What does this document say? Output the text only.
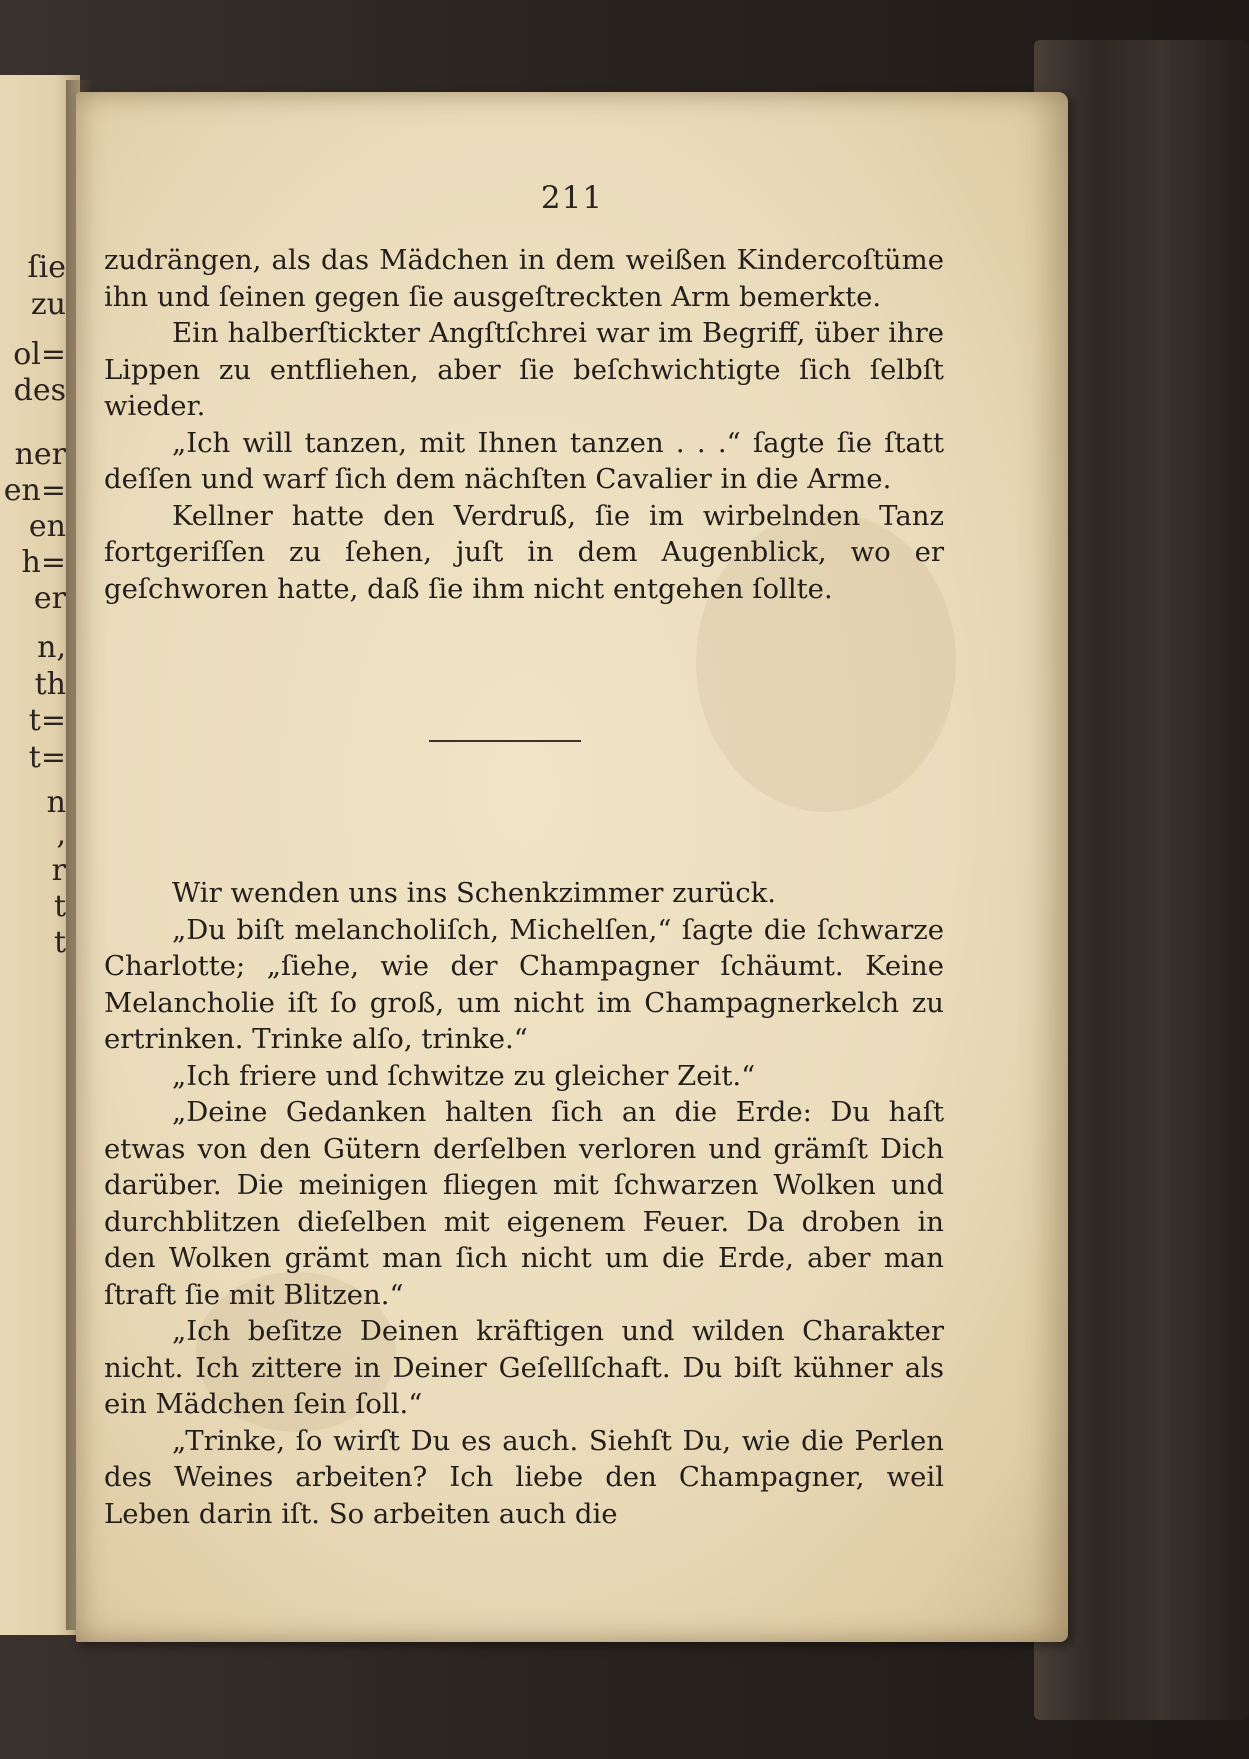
ſie
zu
ol=
des
ner
en=
en
h=
er
n,
th
t=
t=
n
,
r
t
t
211

zudrängen, als das Mädchen in dem weißen Kindercoſtüme ihn und ſeinen gegen ſie ausgeſtreckten Arm bemerkte.

Ein halberſtickter Angſtſchrei war im Begriff, über ihre Lippen zu entfliehen, aber ſie beſchwichtigte ſich ſelbſt wieder.

„Ich will tanzen, mit Ihnen tanzen . . .“ ſagte ſie ſtatt deſſen und warf ſich dem nächſten Cavalier in die Arme.

Kellner hatte den Verdruß, ſie im wirbelnden Tanz fortgeriſſen zu ſehen, juſt in dem Augenblick, wo er geſchworen hatte, daß ſie ihm nicht entgehen ſollte.

Wir wenden uns ins Schenkzimmer zurück.

„Du biſt melancholiſch, Michelſen,“ ſagte die ſchwarze Charlotte; „ſiehe, wie der Champagner ſchäumt. Keine Melancholie iſt ſo groß, um nicht im Champagnerkelch zu ertrinken. Trinke alſo, trinke.“

„Ich friere und ſchwitze zu gleicher Zeit.“

„Deine Gedanken halten ſich an die Erde: Du haſt etwas von den Gütern derſelben verloren und grämſt Dich darüber. Die meinigen fliegen mit ſchwarzen Wolken und durchblitzen dieſelben mit eigenem Feuer. Da droben in den Wolken grämt man ſich nicht um die Erde, aber man ſtraft ſie mit Blitzen.“

„Ich beſitze Deinen kräftigen und wilden Charakter nicht. Ich zittere in Deiner Geſellſchaft. Du biſt kühner als ein Mädchen ſein ſoll.“

„Trinke, ſo wirſt Du es auch. Siehſt Du, wie die Perlen des Weines arbeiten? Ich liebe den Champagner, weil Leben darin iſt. So arbeiten auch die
